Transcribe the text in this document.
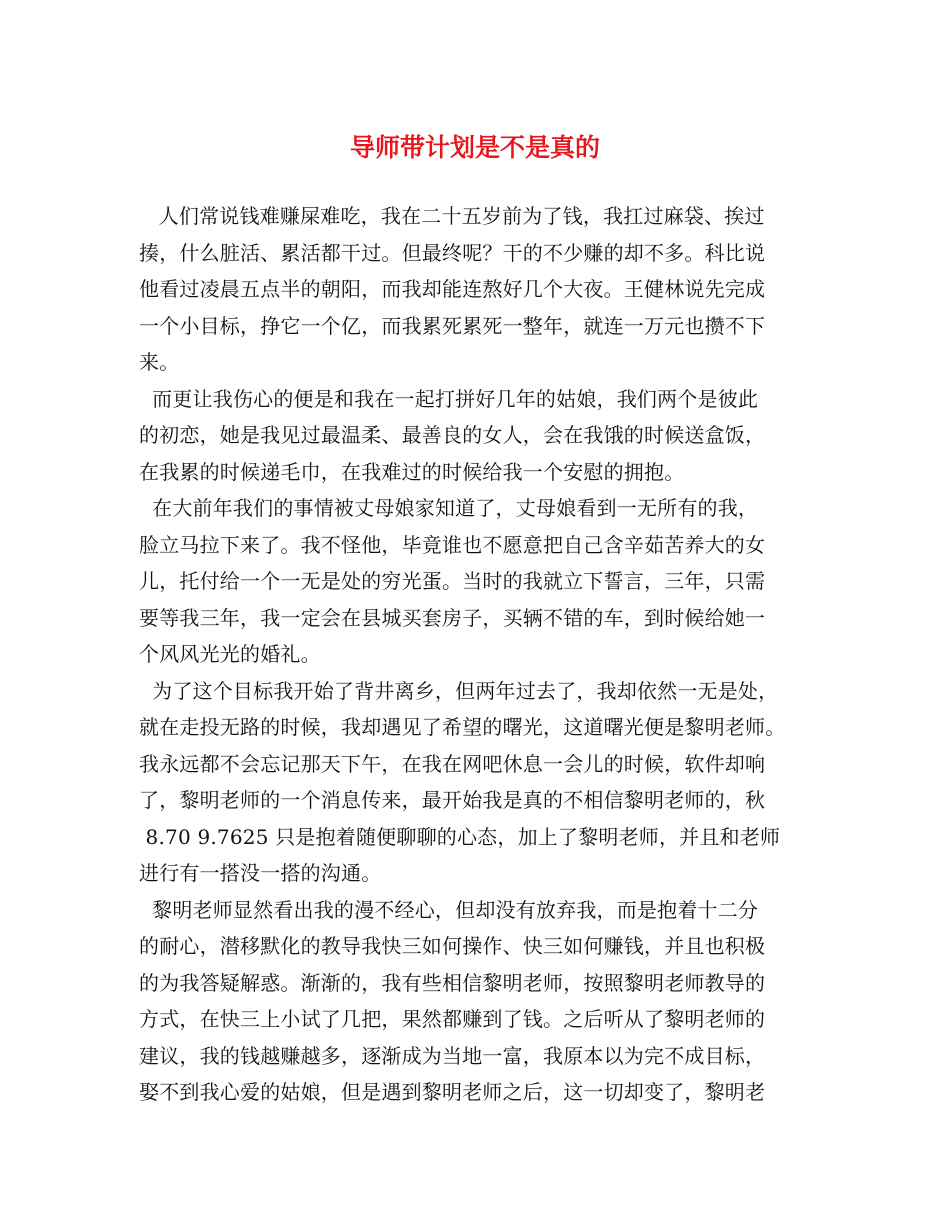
导师带计划是不是真的
人们常说钱难赚屎难吃，我在二十五岁前为了钱，我扛过麻袋、挨过
揍，什么脏活、累活都干过。但最终呢？干的不少赚的却不多。科比说
他看过凌晨五点半的朝阳，而我却能连熬好几个大夜。王健林说先完成
一个小目标，挣它一个亿，而我累死累死一整年，就连一万元也攒不下
来。
而更让我伤心的便是和我在一起打拼好几年的姑娘，我们两个是彼此
的初恋，她是我见过最温柔、最善良的女人，会在我饿的时候送盒饭，
在我累的时候递毛巾，在我难过的时候给我一个安慰的拥抱。
在大前年我们的事情被丈母娘家知道了，丈母娘看到一无所有的我，
脸立马拉下来了。我不怪他，毕竟谁也不愿意把自己含辛茹苦养大的女
儿，托付给一个一无是处的穷光蛋。当时的我就立下誓言，三年，只需
要等我三年，我一定会在县城买套房子，买辆不错的车，到时候给她一
个风风光光的婚礼。
为了这个目标我开始了背井离乡，但两年过去了，我却依然一无是处，
就在走投无路的时候，我却遇见了希望的曙光，这道曙光便是黎明老师。
我永远都不会忘记那天下午，在我在网吧休息一会儿的时候，软件却响
了，黎明老师的一个消息传来，最开始我是真的不相信黎明老师的，秋
8.70 9.7625 只是抱着随便聊聊的心态，加上了黎明老师，并且和老师
进行有一搭没一搭的沟通。
黎明老师显然看出我的漫不经心，但却没有放弃我，而是抱着十二分
的耐心，潜移默化的教导我快三如何操作、快三如何赚钱，并且也积极
的为我答疑解惑。渐渐的，我有些相信黎明老师，按照黎明老师教导的
方式，在快三上小试了几把，果然都赚到了钱。之后听从了黎明老师的
建议，我的钱越赚越多，逐渐成为当地一富，我原本以为完不成目标，
娶不到我心爱的姑娘，但是遇到黎明老师之后，这一切却变了，黎明老
